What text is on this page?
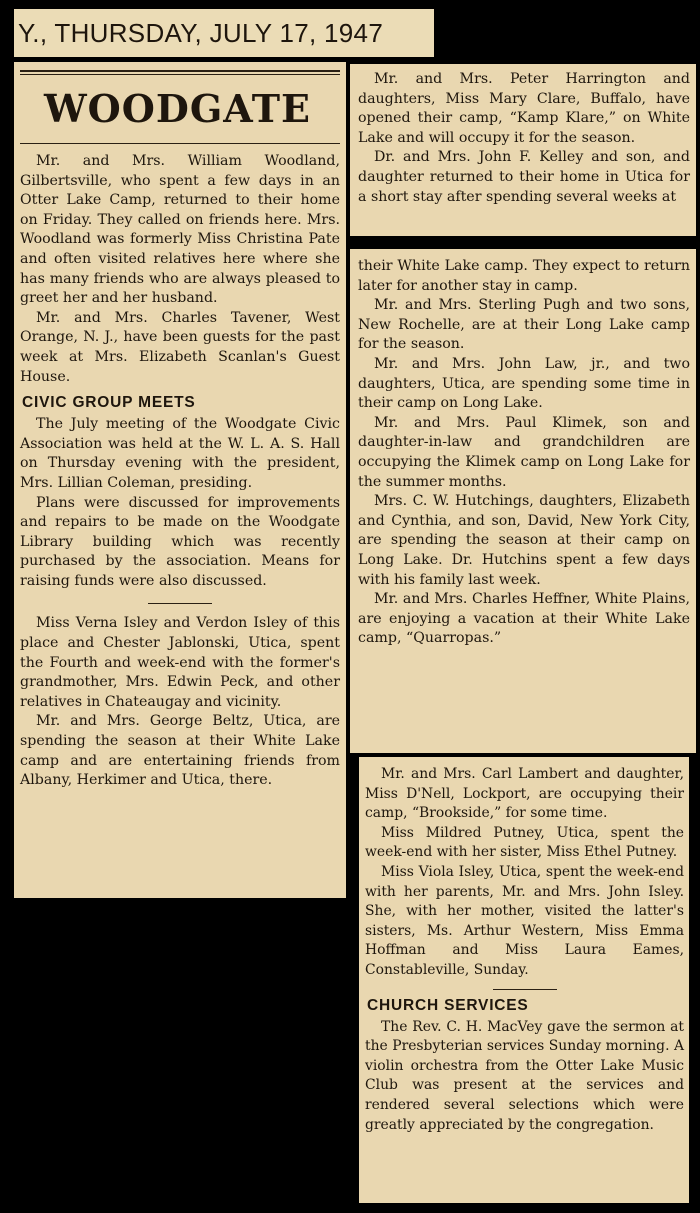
Y., THURSDAY, JULY 17, 1947
WOODGATE

Mr. and Mrs. William Woodland, Gilbertsville, who spent a few days in an Otter Lake Camp, returned to their home on Friday. They called on friends here. Mrs. Woodland was formerly Miss Christina Pate and often visited relatives here where she has many friends who are always pleased to greet her and her husband.

Mr. and Mrs. Charles Tavener, West Orange, N. J., have been guests for the past week at Mrs. Elizabeth Scanlan's Guest House.

CIVIC GROUP MEETS

The July meeting of the Woodgate Civic Association was held at the W. L. A. S. Hall on Thursday evening with the president, Mrs. Lillian Coleman, presiding.

Plans were discussed for improvements and repairs to be made on the Woodgate Library building which was recently purchased by the association. Means for raising funds were also discussed.

Miss Verna Isley and Verdon Isley of this place and Chester Jablonski, Utica, spent the Fourth and week-end with the former's grandmother, Mrs. Edwin Peck, and other relatives in Chateaugay and vicinity.

Mr. and Mrs. George Beltz, Utica, are spending the season at their White Lake camp and are entertaining friends from Albany, Herkimer and Utica, there.

Mr. and Mrs. Peter Harrington and daughters, Miss Mary Clare, Buffalo, have opened their camp, “Kamp Klare,” on White Lake and will occupy it for the season.

Dr. and Mrs. John F. Kelley and son, and daughter returned to their home in Utica for a short stay after spending several weeks at

their White Lake camp. They expect to return later for another stay in camp.

Mr. and Mrs. Sterling Pugh and two sons, New Rochelle, are at their Long Lake camp for the season.

Mr. and Mrs. John Law, jr., and two daughters, Utica, are spending some time in their camp on Long Lake.

Mr. and Mrs. Paul Klimek, son and daughter-in-law and grandchildren are occupying the Klimek camp on Long Lake for the summer months.

Mrs. C. W. Hutchings, daughters, Elizabeth and Cynthia, and son, David, New York City, are spending the season at their camp on Long Lake. Dr. Hutchins spent a few days with his family last week.

Mr. and Mrs. Charles Heffner, White Plains, are enjoying a vacation at their White Lake camp, “Quarropas.”

Mr. and Mrs. Carl Lambert and daughter, Miss D'Nell, Lockport, are occupying their camp, “Brookside,” for some time.

Miss Mildred Putney, Utica, spent the week-end with her sister, Miss Ethel Putney.

Miss Viola Isley, Utica, spent the week-end with her parents, Mr. and Mrs. John Isley. She, with her mother, visited the latter's sisters, Ms. Arthur Western, Miss Emma Hoffman and Miss Laura Eames, Constableville, Sunday.

CHURCH SERVICES

The Rev. C. H. MacVey gave the sermon at the Presbyterian services Sunday morning. A violin orchestra from the Otter Lake Music Club was present at the services and rendered several selections which were greatly appreciated by the congregation.
